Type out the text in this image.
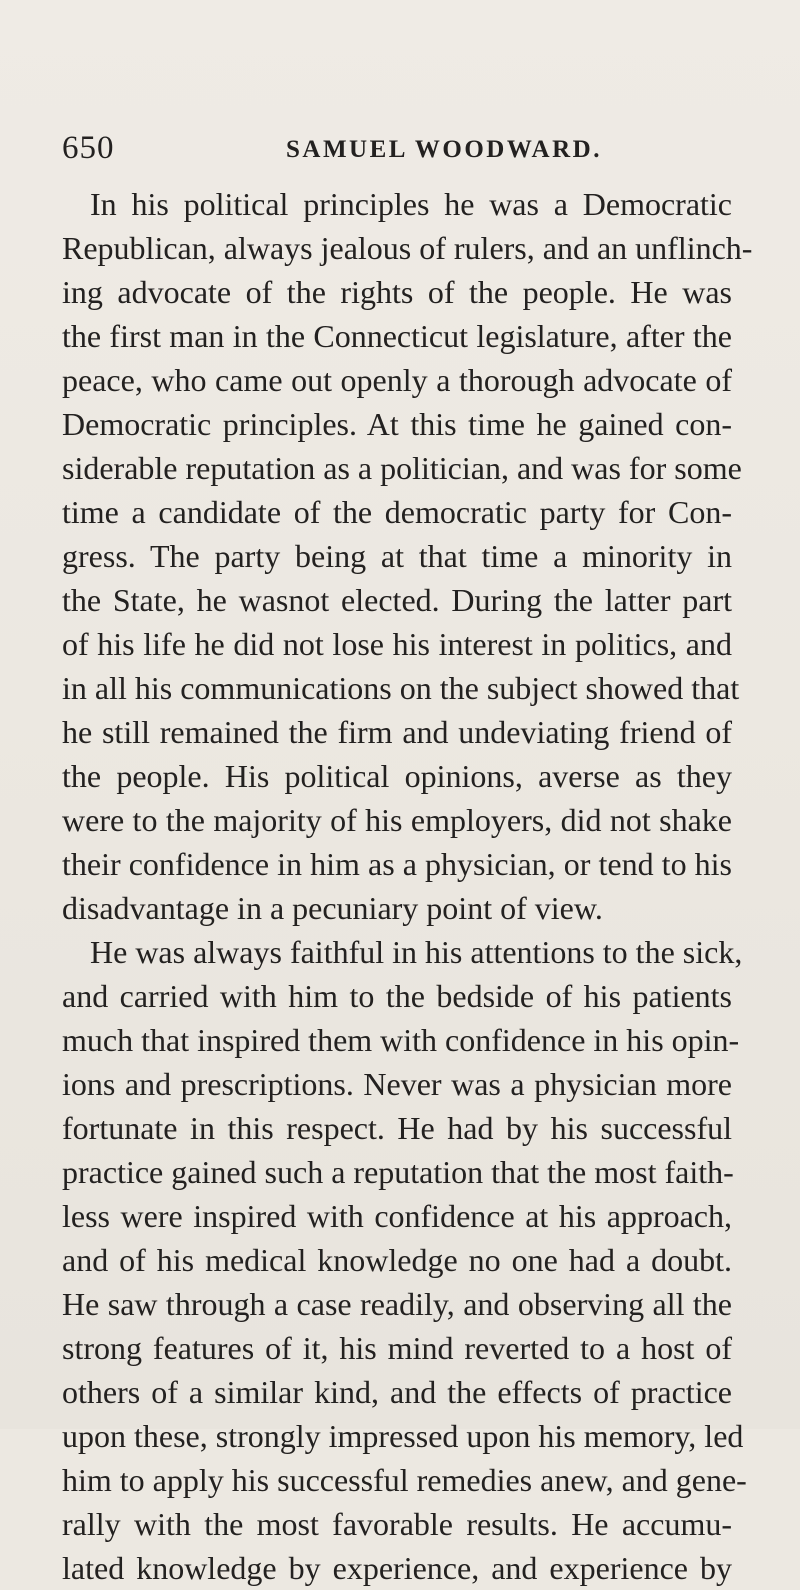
650	SAMUEL WOODWARD.

In his political principles he was a Democratic
Republican, always jealous of rulers, and an unflinch-
ing advocate of the rights of the people. He was
the first man in the Connecticut legislature, after the
peace, who came out openly a thorough advocate of
Democratic principles. At this time he gained con-
siderable reputation as a politician, and was for some
time a candidate of the democratic party for Con-
gress. The party being at that time a minority in
the State, he wasnot elected. During the latter part
of his life he did not lose his interest in politics, and
in all his communications on the subject showed that
he still remained the firm and undeviating friend of
the people. His political opinions, averse as they
were to the majority of his employers, did not shake
their confidence in him as a physician, or tend to his
disadvantage in a pecuniary point of view.

He was always faithful in his attentions to the sick,
and carried with him to the bedside of his patients
much that inspired them with confidence in his opin-
ions and prescriptions. Never was a physician more
fortunate in this respect. He had by his successful
practice gained such a reputation that the most faith-
less were inspired with confidence at his approach,
and of his medical knowledge no one had a doubt.
He saw through a case readily, and observing all the
strong features of it, his mind reverted to a host of
others of a similar kind, and the effects of practice
upon these, strongly impressed upon his memory, led
him to apply his successful remedies anew, and gene-
rally with the most favorable results. He accumu-
lated knowledge by experience, and experience by
